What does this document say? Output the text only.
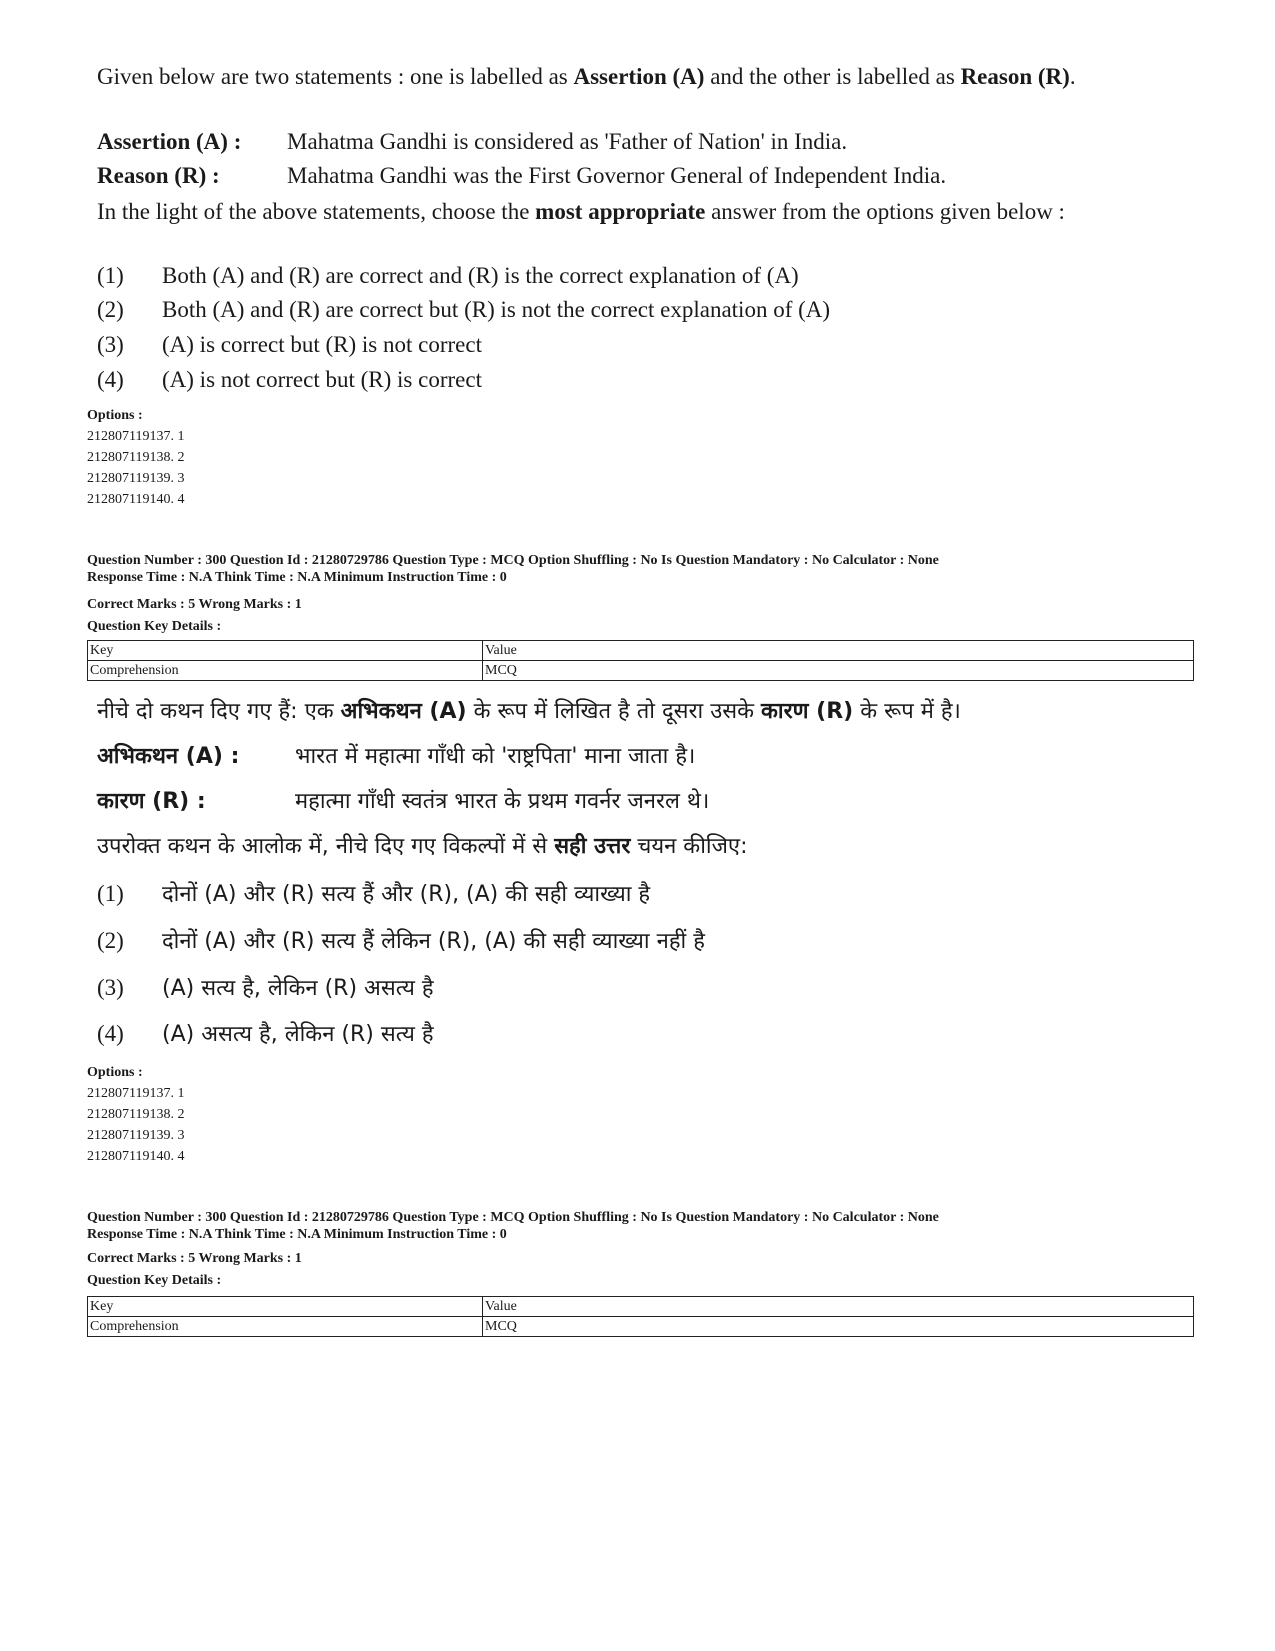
Given below are two statements : one is labelled as Assertion (A) and the other is labelled as Reason (R).
Assertion (A) : Mahatma Gandhi is considered as 'Father of Nation' in India.
Reason (R) :	Mahatma Gandhi was the First Governor General of Independent India.
In the light of the above statements, choose the most appropriate answer from the options given below :
(1) Both (A) and (R) are correct and (R) is the correct explanation of (A)
(2) Both (A) and (R) are correct but (R) is not the correct explanation of (A)
(3) (A) is correct but (R) is not correct
(4) (A) is not correct but (R) is correct
Options :
212807119137. 1
212807119138. 2
212807119139. 3
212807119140. 4
Question Number : 300 Question Id : 21280729786 Question Type : MCQ Option Shuffling : No Is Question Mandatory : No Calculator : None
Response Time : N.A Think Time : N.A Minimum Instruction Time : 0
Correct Marks : 5 Wrong Marks : 1
Question Key Details :
Key	Value
Comprehension	MCQ
नीचे दो कथन दिए गए हैं: एक अभिकथन (A) के रूप में लिखित है तो दूसरा उसके कारण (R) के रूप में है।
अभिकथन (A) :	भारत में महात्मा गाँधी को 'राष्ट्रपिता' माना जाता है।
कारण (R) :	महात्मा गाँधी स्वतंत्र भारत के प्रथम गवर्नर जनरल थे।
उपरोक्त कथन के आलोक में, नीचे दिए गए विकल्पों में से सही उत्तर चयन कीजिए:
(1) दोनों (A) और (R) सत्य हैं और (R), (A) की सही व्याख्या है
(2) दोनों (A) और (R) सत्य हैं लेकिन (R), (A) की सही व्याख्या नहीं है
(3) (A) सत्य है, लेकिन (R) असत्य है
(4) (A) असत्य है, लेकिन (R) सत्य है
Options :
212807119137. 1
212807119138. 2
212807119139. 3
212807119140. 4
Question Number : 300 Question Id : 21280729786 Question Type : MCQ Option Shuffling : No Is Question Mandatory : No Calculator : None
Response Time : N.A Think Time : N.A Minimum Instruction Time : 0
Correct Marks : 5 Wrong Marks : 1
Question Key Details :
Key	Value
Comprehension	MCQ
